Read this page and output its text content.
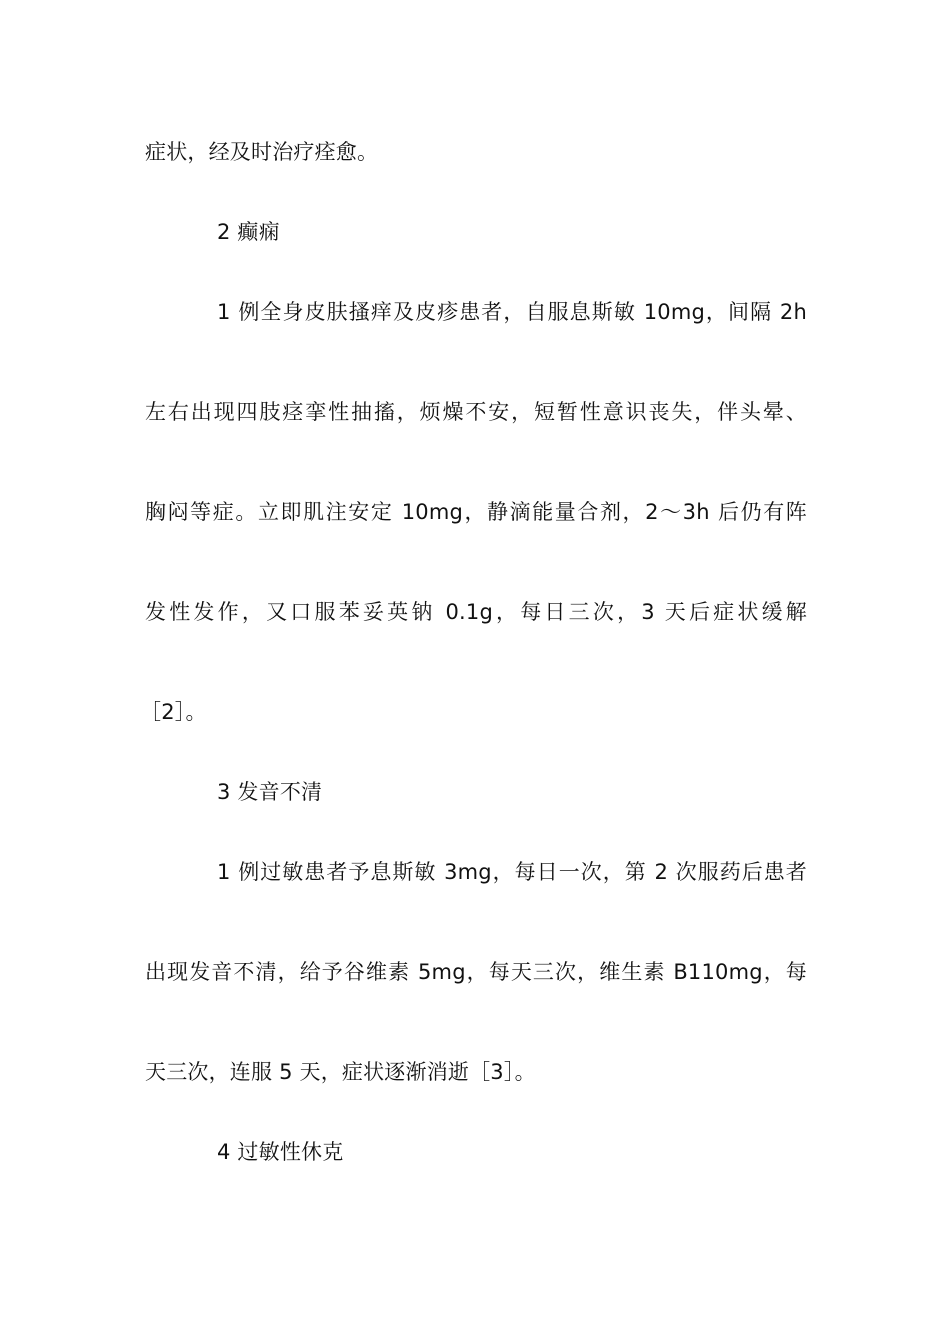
症状，经及时治疗痊愈。
2 癫痫
1 例全身皮肤搔痒及皮疹患者，自服息斯敏 10mg，间隔 2h
左右出现四肢痉挛性抽搐，烦燥不安，短暂性意识丧失，伴头晕、
胸闷等症。立即肌注安定 10mg，静滴能量合剂，2～3h 后仍有阵
发性发作，又口服苯妥英钠 0.1g，每日三次，3 天后症状缓解
［2］。
3 发音不清
1 例过敏患者予息斯敏 3mg，每日一次，第 2 次服药后患者
出现发音不清，给予谷维素 5mg，每天三次，维生素 B110mg，每
天三次，连服 5 天，症状逐渐消逝［3］。
4 过敏性休克
